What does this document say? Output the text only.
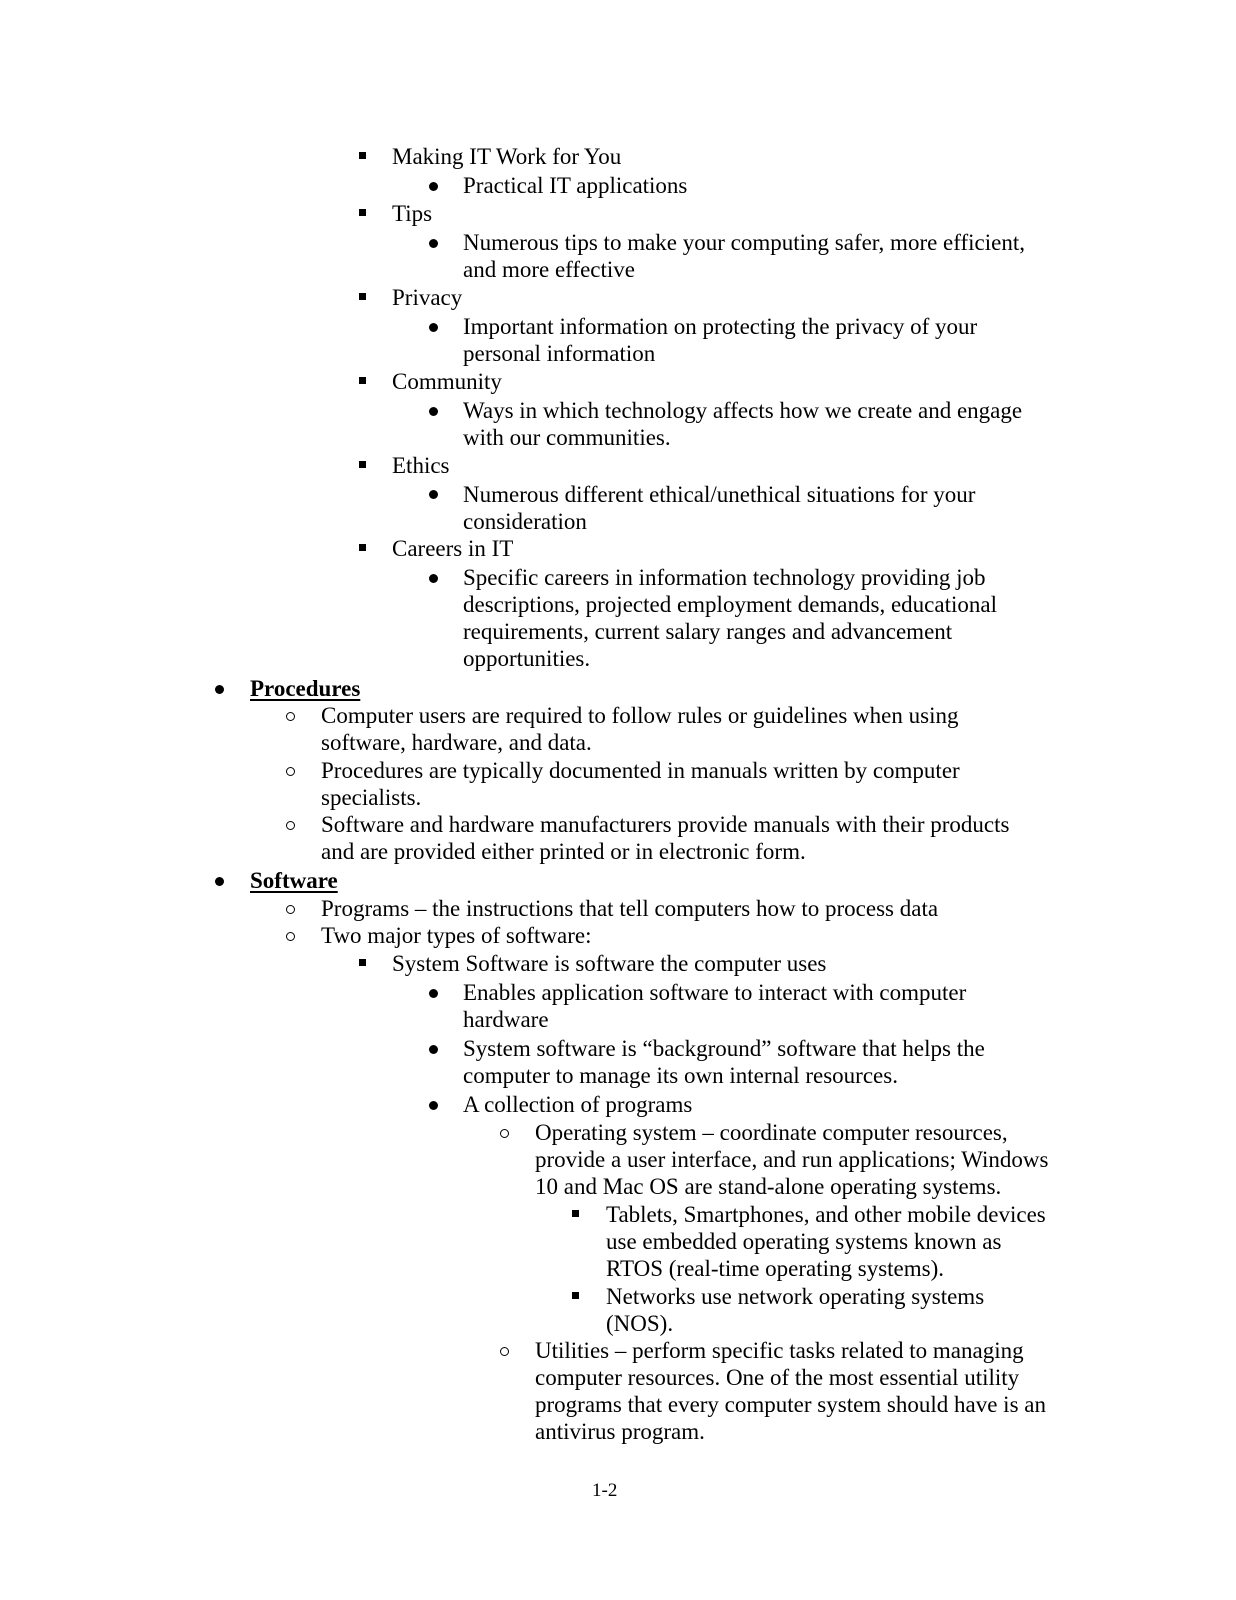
Making IT Work for You
Practical IT applications
Tips
Numerous tips to make your computing safer, more efficient,
and more effective
Privacy
Important information on protecting the privacy of your
personal information
Community
Ways in which technology affects how we create and engage
with our communities.
Ethics
Numerous different ethical/unethical situations for your
consideration
Careers in IT
Specific careers in information technology providing job
descriptions, projected employment demands, educational
requirements, current salary ranges and advancement
opportunities.
Procedures
Computer users are required to follow rules or guidelines when using
software, hardware, and data.
Procedures are typically documented in manuals written by computer
specialists.
Software and hardware manufacturers provide manuals with their products
and are provided either printed or in electronic form.
Software
Programs – the instructions that tell computers how to process data
Two major types of software:
System Software is software the computer uses
Enables application software to interact with computer
hardware
System software is “background” software that helps the
computer to manage its own internal resources.
A collection of programs
Operating system – coordinate computer resources,
provide a user interface, and run applications; Windows
10 and Mac OS are stand-alone operating systems.
Tablets, Smartphones, and other mobile devices
use embedded operating systems known as
RTOS (real-time operating systems).
Networks use network operating systems
(NOS).
Utilities – perform specific tasks related to managing
computer resources. One of the most essential utility
programs that every computer system should have is an
antivirus program.
1-2
